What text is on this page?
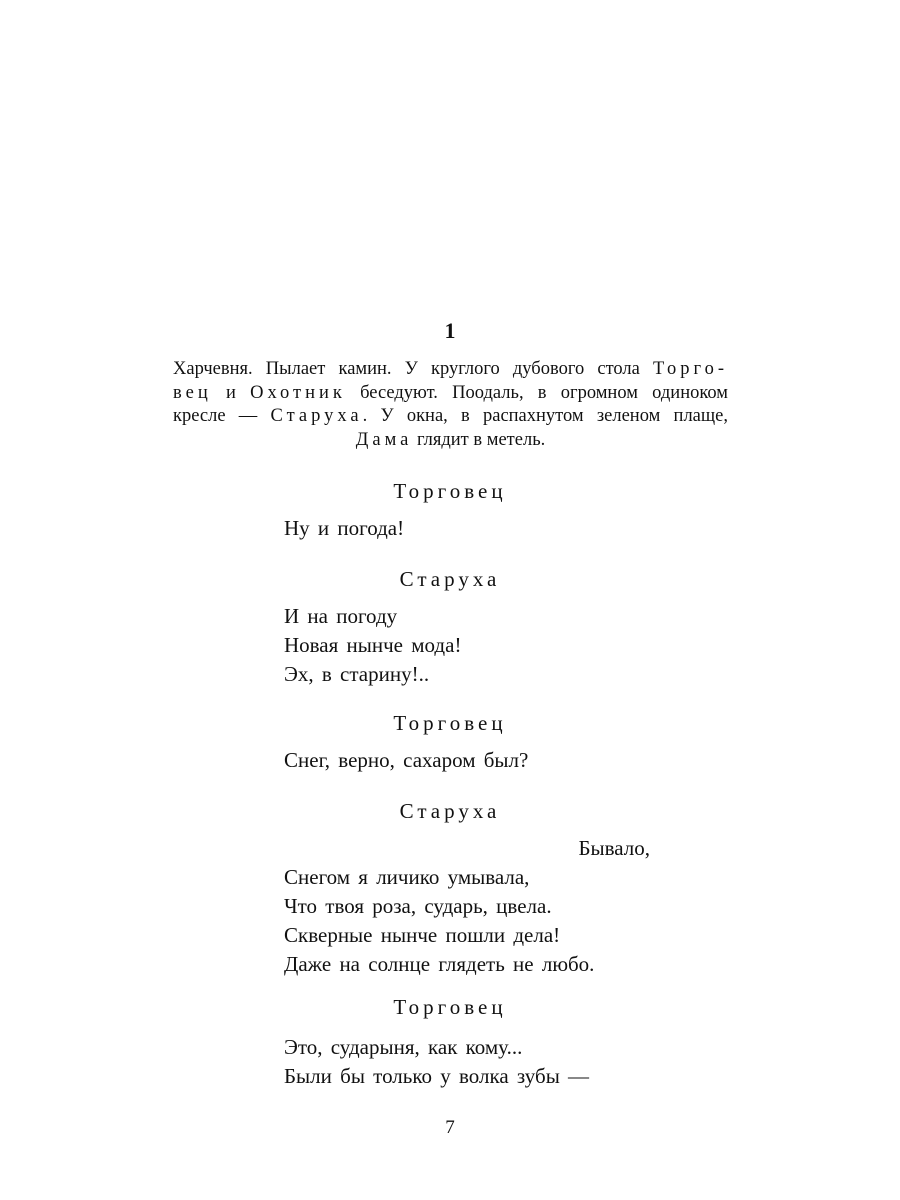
1
Харчевня. Пылает камин. У круглого дубового стола Торго-
вец и Охотник беседуют. Поодаль, в огромном одиноком
кресле — Старуха. У окна, в распахнутом зеленом плаще,
Дама глядит в метель.
Торговец
Ну и погода!
Старуха
И на погоду
Новая нынче мода!
Эх, в старину!..
Торговец
Снег, верно, сахаром был?
Старуха
Бывало,
Снегом я личико умывала,
Что твоя роза, сударь, цвела.
Скверные нынче пошли дела!
Даже на солнце глядеть не любо.
Торговец
Это, сударыня, как кому...
Были бы только у волка зубы —
7
